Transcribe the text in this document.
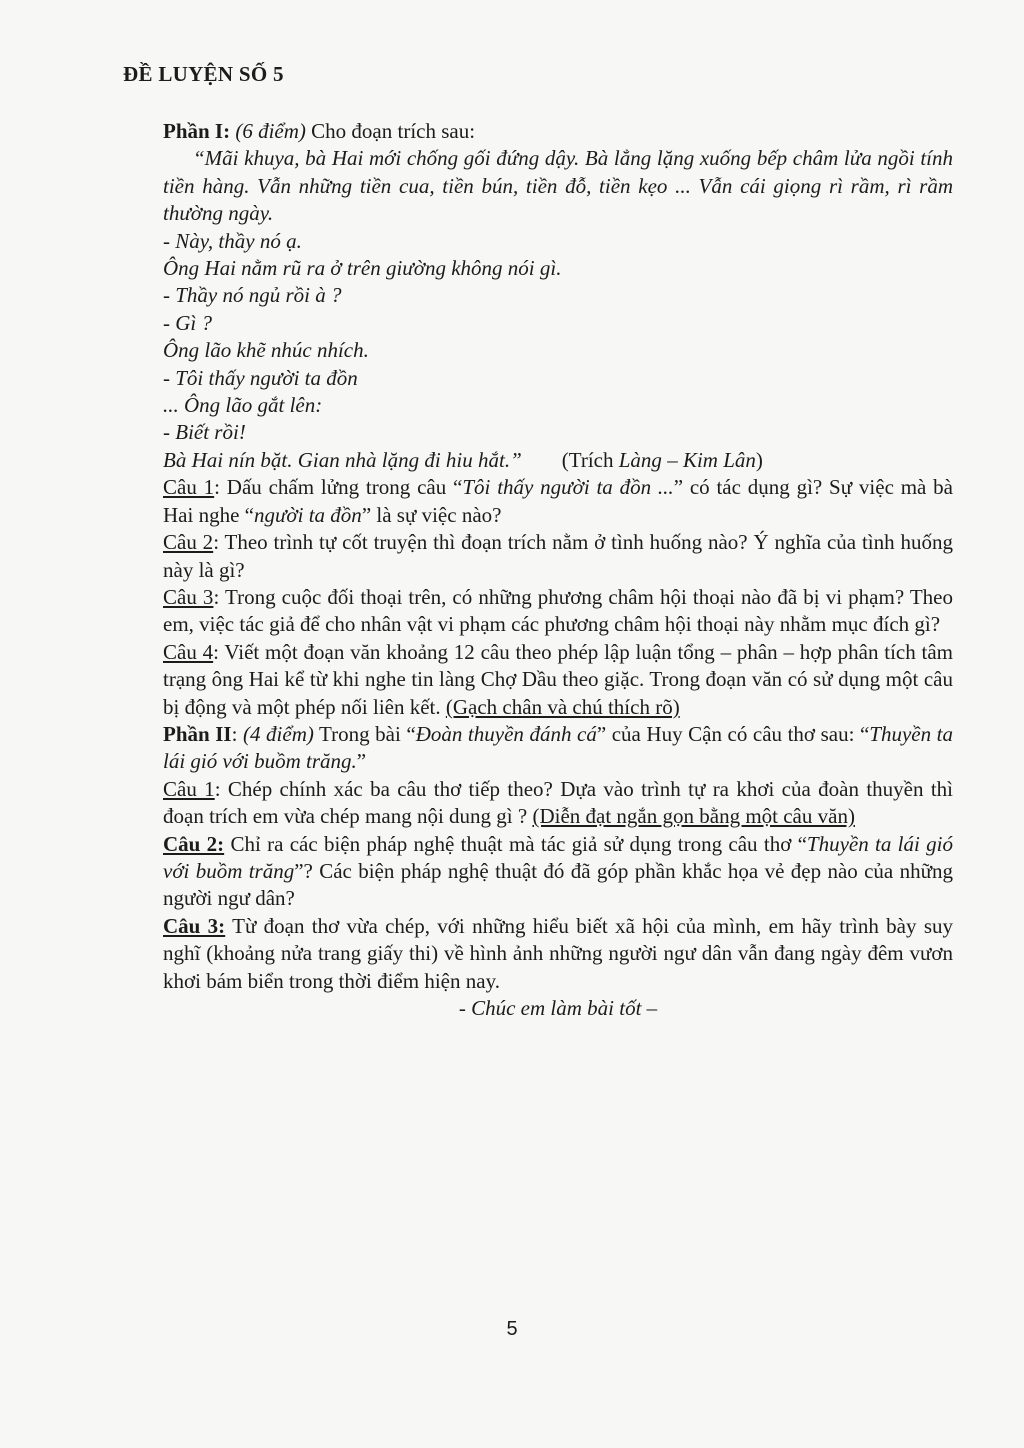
ĐỀ LUYỆN SỐ 5

Phần I: (6 điểm) Cho đoạn trích sau:

“Mãi khuya, bà Hai mới chống gối đứng dậy. Bà lẳng lặng xuống bếp châm lửa ngồi tính tiền hàng. Vẫn những tiền cua, tiền bún, tiền đỗ, tiền kẹo ... Vẫn cái giọng rì rầm, rì rầm thường ngày.

- Này, thầy nó ạ.

Ông Hai nằm rũ ra ở trên giường không nói gì.

- Thầy nó ngủ rồi à ?

- Gì ?

Ông lão khẽ nhúc nhích.

- Tôi thấy người ta đồn

... Ông lão gắt lên:

- Biết rồi!

Bà Hai nín bặt. Gian nhà lặng đi hiu hắt.” (Trích Làng – Kim Lân)

Câu 1: Dấu chấm lửng trong câu “Tôi thấy người ta đồn ...” có tác dụng gì? Sự việc mà bà Hai nghe “người ta đồn” là sự việc nào?

Câu 2: Theo trình tự cốt truyện thì đoạn trích nằm ở tình huống nào? Ý nghĩa của tình huống này là gì?

Câu 3: Trong cuộc đối thoại trên, có những phương châm hội thoại nào đã bị vi phạm? Theo em, việc tác giả để cho nhân vật vi phạm các phương châm hội thoại này nhằm mục đích gì?

Câu 4: Viết một đoạn văn khoảng 12 câu theo phép lập luận tổng – phân – hợp phân tích tâm trạng ông Hai kể từ khi nghe tin làng Chợ Dầu theo giặc. Trong đoạn văn có sử dụng một câu bị động và một phép nối liên kết. (Gạch chân và chú thích rõ)

Phần II: (4 điểm) Trong bài “Đoàn thuyền đánh cá” của Huy Cận có câu thơ sau: “Thuyền ta lái gió với buồm trăng.”

Câu 1: Chép chính xác ba câu thơ tiếp theo? Dựa vào trình tự ra khơi của đoàn thuyền thì đoạn trích em vừa chép mang nội dung gì ? (Diễn đạt ngắn gọn bằng một câu văn)

Câu 2: Chỉ ra các biện pháp nghệ thuật mà tác giả sử dụng trong câu thơ “Thuyền ta lái gió với buồm trăng”? Các biện pháp nghệ thuật đó đã góp phần khắc họa vẻ đẹp nào của những người ngư dân?

Câu 3: Từ đoạn thơ vừa chép, với những hiểu biết xã hội của mình, em hãy trình bày suy nghĩ (khoảng nửa trang giấy thi) về hình ảnh những người ngư dân vẫn đang ngày đêm vươn khơi bám biển trong thời điểm hiện nay.

- Chúc em làm bài tốt –

5
